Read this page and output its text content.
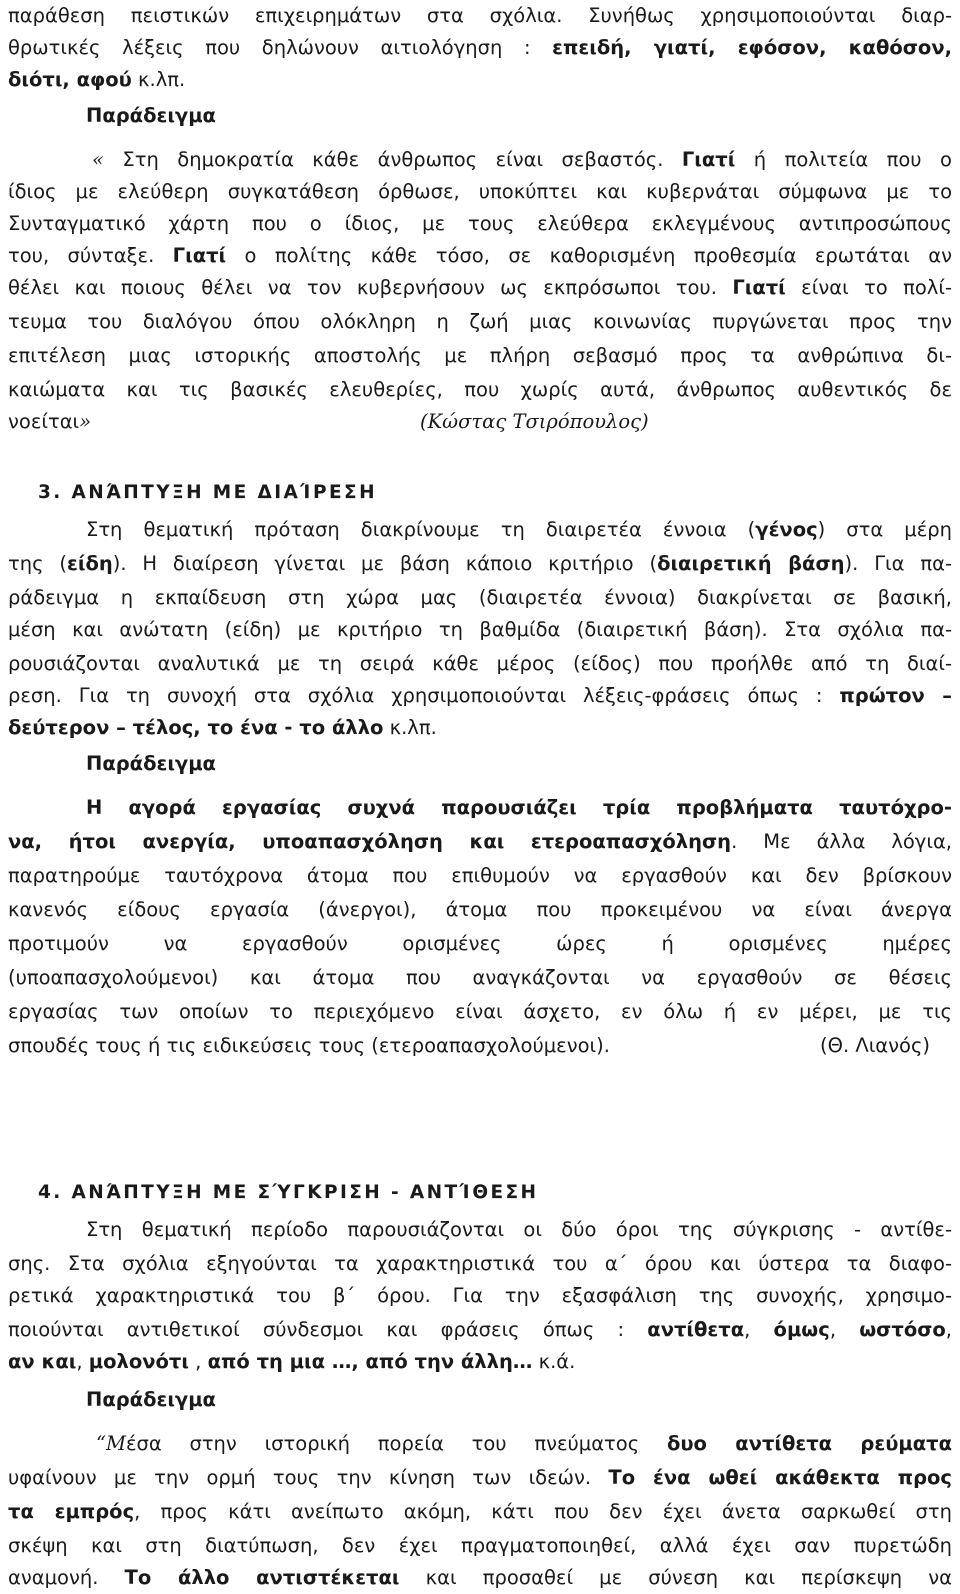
παράθεση πειστικών επιχειρημάτων στα σχόλια. Συνήθως χρησιμοποιούνται διαρ-
θρωτικές λέξεις που δηλώνουν αιτιολόγηση : επειδή, γιατί, εφόσον, καθόσον,
διότι, αφού κ.λπ.
Παράδειγμα
« Στη δημοκρατία κάθε άνθρωπος είναι σεβαστός. Γιατί ή πολιτεία που ο
ίδιος με ελεύθερη συγκατάθεση όρθωσε, υποκύπτει και κυβερνάται σύμφωνα με το
Συνταγματικό χάρτη που ο ίδιος, με τους ελεύθερα εκλεγμένους αντιπροσώπους
του, σύνταξε. Γιατί ο πολίτης κάθε τόσο, σε καθορισμένη προθεσμία ερωτάται αν
θέλει και ποιους θέλει να τον κυβερνήσουν ως εκπρόσωποι του. Γιατί είναι το πολί-
τευμα του διαλόγου όπου ολόκληρη η ζωή μιας κοινωνίας πυργώνεται προς την
επιτέλεση μιας ιστορικής αποστολής με πλήρη σεβασμό προς τα ανθρώπινα δι-
καιώματα και τις βασικές ελευθερίες, που χωρίς αυτά, άνθρωπος αυθεντικός δε
νοείται»	(Κώστας Τσιρόπουλος)
3. ΑΝΆΠΤΥΞΗ ΜΕ ΔΙΑΊΡΕΣΗ
Στη θεματική πρόταση διακρίνουμε τη διαιρετέα έννοια (γένος) στα μέρη
της (είδη). Η διαίρεση γίνεται με βάση κάποιο κριτήριο (διαιρετική βάση). Για πα-
ράδειγμα η εκπαίδευση στη χώρα μας (διαιρετέα έννοια) διακρίνεται σε βασική,
μέση και ανώτατη (είδη) με κριτήριο τη βαθμίδα (διαιρετική βάση). Στα σχόλια πα-
ρουσιάζονται αναλυτικά με τη σειρά κάθε μέρος (είδος) που προήλθε από τη διαί-
ρεση. Για τη συνοχή στα σχόλια χρησιμοποιούνται λέξεις-φράσεις όπως : πρώτον –
δεύτερον – τέλος, το ένα - το άλλο κ.λπ.
Παράδειγμα
Η αγορά εργασίας συχνά παρουσιάζει τρία προβλήματα ταυτόχρο-
να, ήτοι ανεργία, υποαπασχόληση και ετεροαπασχόληση. Με άλλα λόγια,
παρατηρούμε ταυτόχρονα άτομα που επιθυμούν να εργασθούν και δεν βρίσκουν
κανενός είδους εργασία (άνεργοι), άτομα που προκειμένου να είναι άνεργα
προτιμούν να εργασθούν ορισμένες ώρες ή ορισμένες ημέρες
(υποαπασχολούμενοι) και άτομα που αναγκάζονται να εργασθούν σε θέσεις
εργασίας των οποίων το περιεχόμενο είναι άσχετο, εν όλω ή εν μέρει, με τις
σπουδές τους ή τις ειδικεύσεις τους (ετεροαπασχολούμενοι).	(Θ. Λιανός)
4. ΑΝΆΠΤΥΞΗ ΜΕ ΣΎΓΚΡΙΣΗ - ΑΝΤΊΘΕΣΗ
Στη θεματική περίοδο παρουσιάζονται οι δύο όροι της σύγκρισης - αντίθε-
σης. Στα σχόλια εξηγούνται τα χαρακτηριστικά του α΄ όρου και ύστερα τα διαφο-
ρετικά χαρακτηριστικά του β΄ όρου. Για την εξασφάλιση της συνοχής, χρησιμο-
ποιούνται αντιθετικοί σύνδεσμοι και φράσεις όπως : αντίθετα, όμως, ωστόσο,
αν και, μολονότι , από τη μια …, από την άλλη… κ.ά.
Παράδειγμα
“Μέσα στην ιστορική πορεία του πνεύματος δυο αντίθετα ρεύματα
υφαίνουν με την ορμή τους την κίνηση των ιδεών. Το ένα ωθεί ακάθεκτα προς
τα εμπρός, προς κάτι ανείπωτο ακόμη, κάτι που δεν έχει άνετα σαρκωθεί στη
σκέψη και στη διατύπωση, δεν έχει πραγματοποιηθεί, αλλά έχει σαν πυρετώδη
αναμονή. Το άλλο αντιστέκεται και προσαθεί με σύνεση και περίσκεψη να
